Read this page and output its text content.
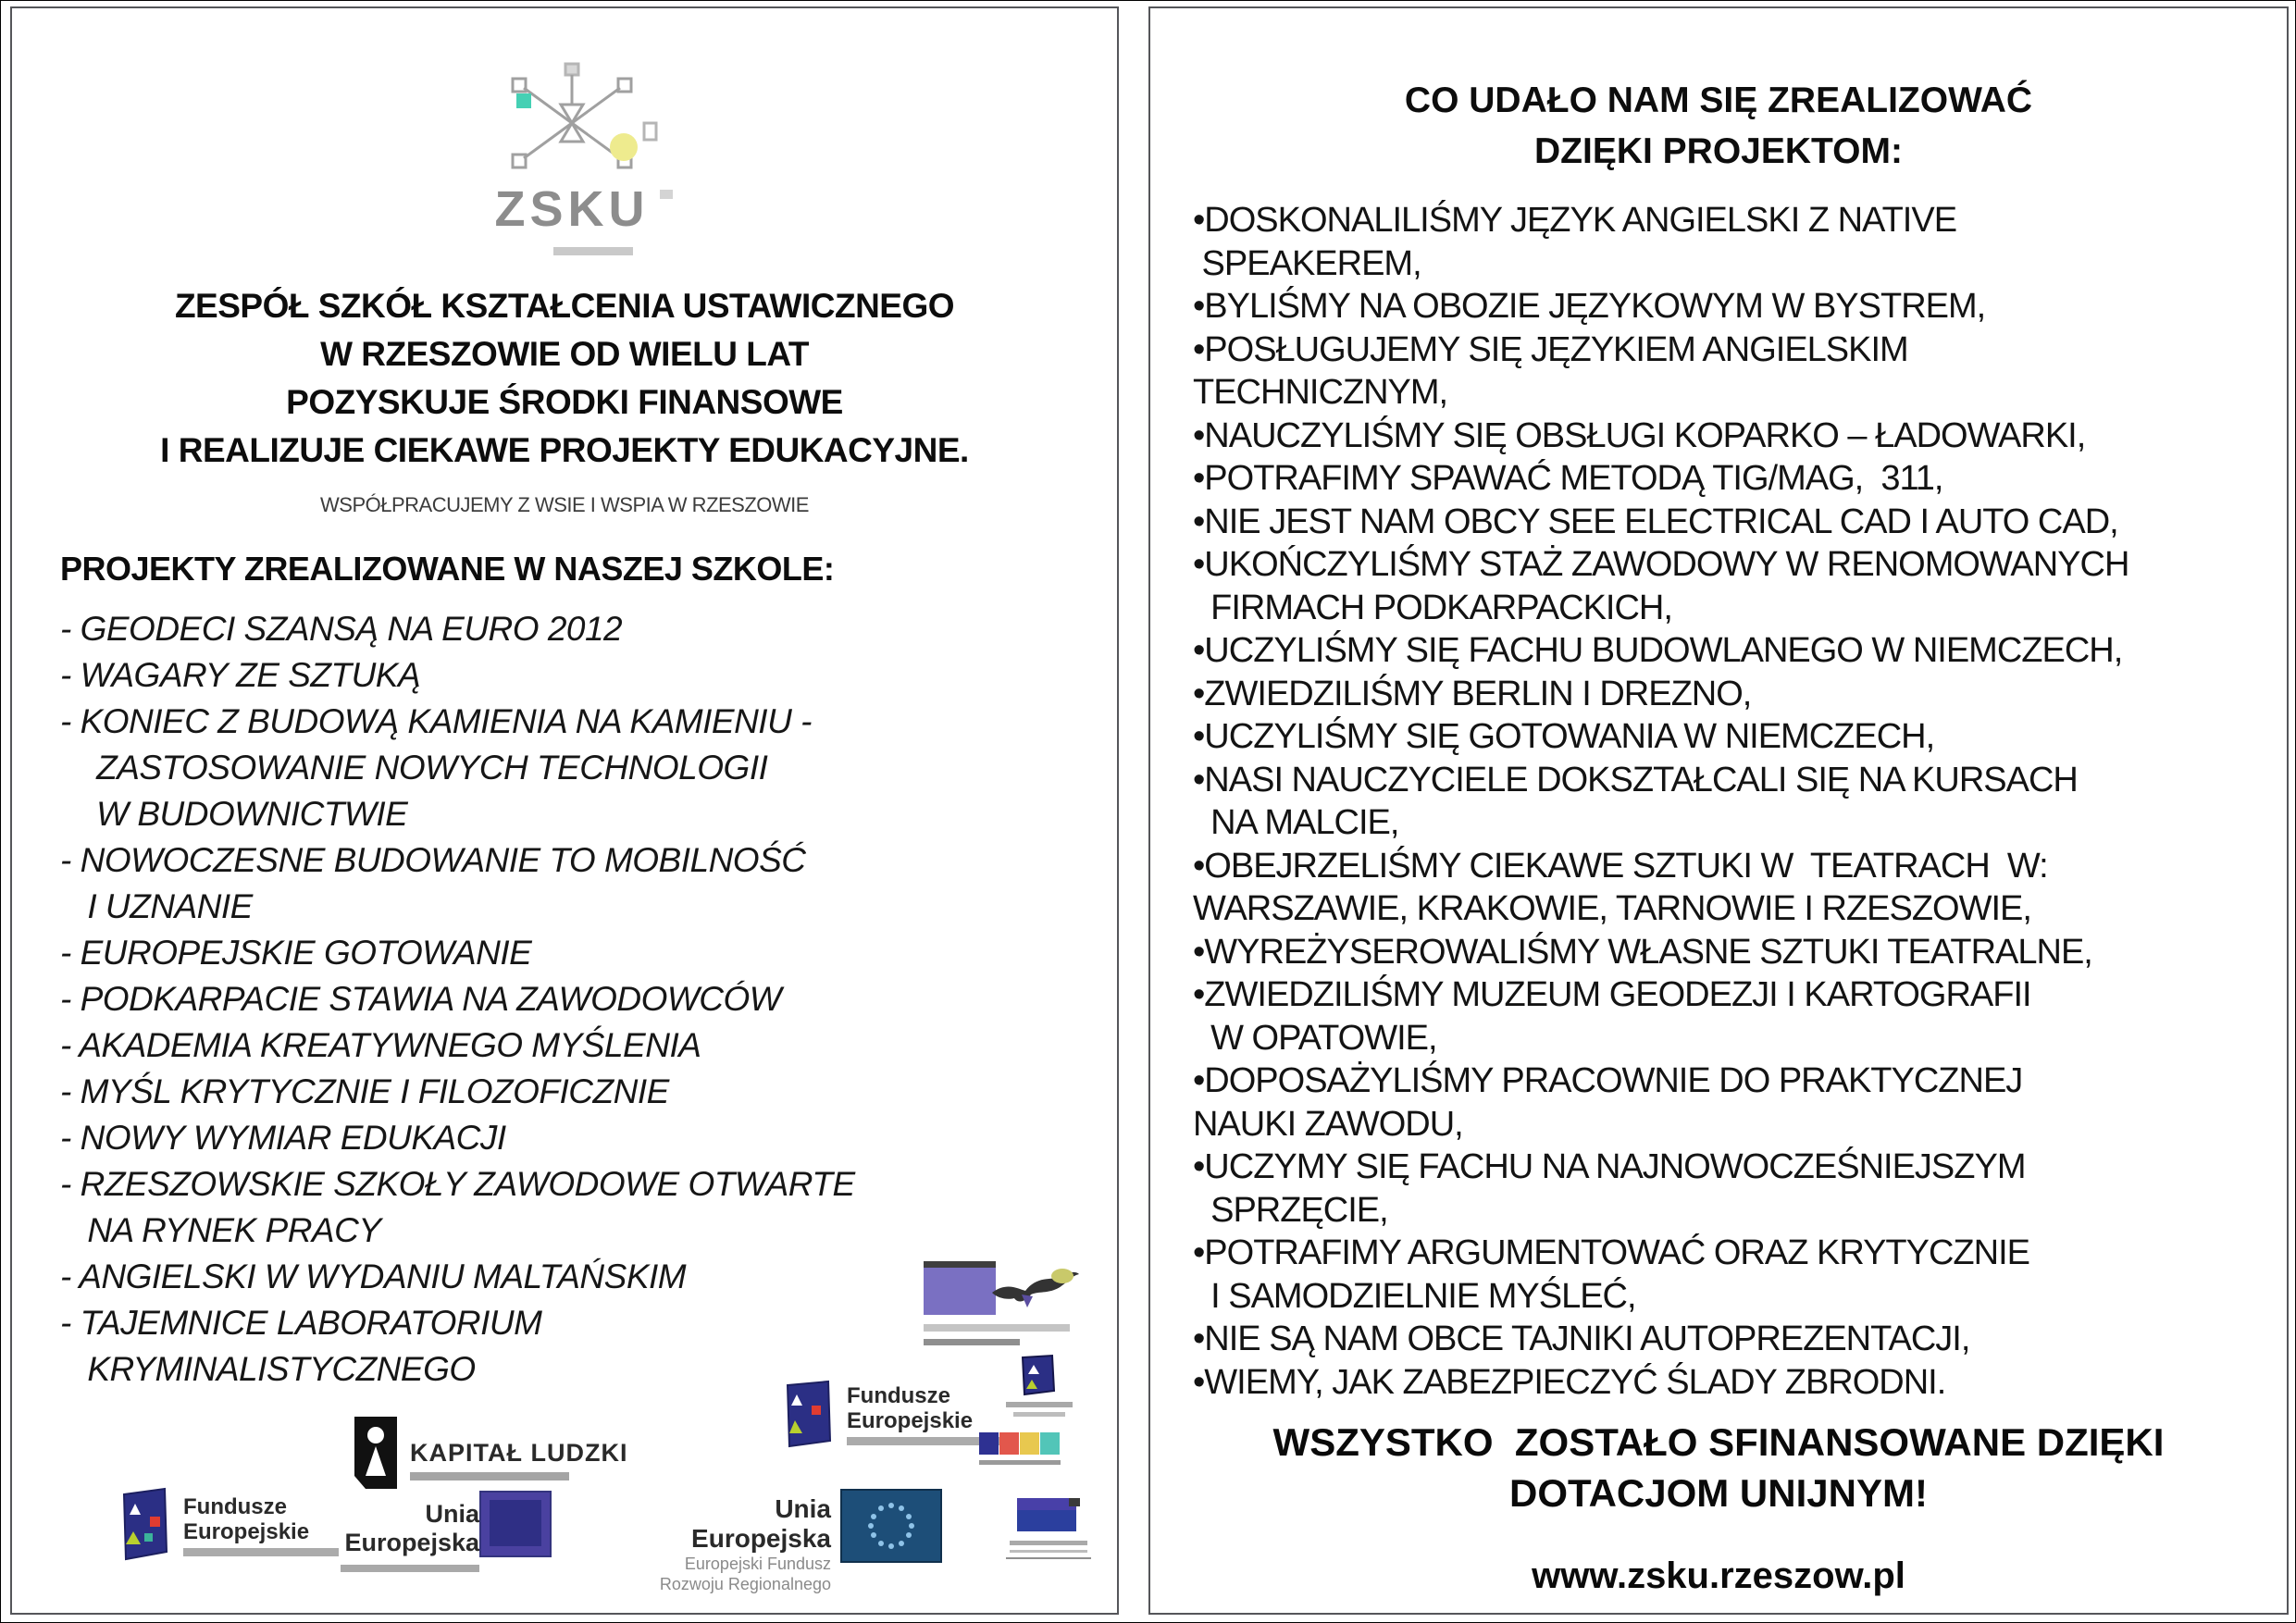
ZSKU
ZESPÓŁ SZKÓŁ KSZTAŁCENIA USTAWICZNEGO
W RZESZOWIE OD WIELU LAT
POZYSKUJE ŚRODKI FINANSOWE
I REALIZUJE CIEKAWE PROJEKTY EDUKACYJNE.
WSPÓŁPRACUJEMY Z WSIE I WSPIA W RZESZOWIE
PROJEKTY ZREALIZOWANE W NASZEJ SZKOLE:
- GEODECI SZANSĄ NA EURO 2012
- WAGARY ZE SZTUKĄ
- KONIEC Z BUDOWĄ KAMIENIA NA KAMIENIU -
ZASTOSOWANIE NOWYCH TECHNOLOGII
W BUDOWNICTWIE
- NOWOCZESNE BUDOWANIE TO MOBILNOŚĆ
I UZNANIE
- EUROPEJSKIE GOTOWANIE
- PODKARPACIE STAWIA NA ZAWODOWCÓW
- AKADEMIA KREATYWNEGO MYŚLENIA
- MYŚL KRYTYCZNIE I FILOZOFICZNIE
- NOWY WYMIAR EDUKACJI
- RZESZOWSKIE SZKOŁY ZAWODOWE OTWARTE
NA RYNEK PRACY
- ANGIELSKI W WYDANIU MALTAŃSKIM
- TAJEMNICE LABORATORIUM
KRYMINALISTYCZNEGO
Fundusze
Europejskie
KAPITAŁ LUDZKI
Fundusze
Europejskie
Unia Europejska
Unia Europejska
Europejski Fundusz
Rozwoju Regionalnego
CO UDAŁO NAM SIĘ ZREALIZOWAĆ
DZIĘKI PROJEKTOM:
•DOSKONALILIŚMY JĘZYK ANGIELSKI Z NATIVE
SPEAKEREM,
•BYLIŚMY NA OBOZIE JĘZYKOWYM W BYSTREM,
•POSŁUGUJEMY SIĘ JĘZYKIEM ANGIELSKIM
TECHNICZNYM,
•NAUCZYLIŚMY SIĘ OBSŁUGI KOPARKO – ŁADOWARKI,
•POTRAFIMY SPAWAĆ METODĄ TIG/MAG,  311,
•NIE JEST NAM OBCY SEE ELECTRICAL CAD I AUTO CAD,
•UKOŃCZYLIŚMY STAŻ ZAWODOWY W RENOMOWANYCH
FIRMACH PODKARPACKICH,
•UCZYLIŚMY SIĘ FACHU BUDOWLANEGO W NIEMCZECH,
•ZWIEDZILIŚMY BERLIN I DREZNO,
•UCZYLIŚMY SIĘ GOTOWANIA W NIEMCZECH,
•NASI NAUCZYCIELE DOKSZTAŁCALI SIĘ NA KURSACH
NA MALCIE,
•OBEJRZELIŚMY CIEKAWE SZTUKI W  TEATRACH  W:
WARSZAWIE, KRAKOWIE, TARNOWIE I RZESZOWIE,
•WYREŻYSEROWALIŚMY WŁASNE SZTUKI TEATRALNE,
•ZWIEDZILIŚMY MUZEUM GEODEZJI I KARTOGRAFII
W OPATOWIE,
•DOPOSAŻYLIŚMY PRACOWNIE DO PRAKTYCZNEJ
NAUKI ZAWODU,
•UCZYMY SIĘ FACHU NA NAJNOWOCZEŚNIEJSZYM
SPRZĘCIE,
•POTRAFIMY ARGUMENTOWAĆ ORAZ KRYTYCZNIE
I SAMODZIELNIE MYŚLEĆ,
•NIE SĄ NAM OBCE TAJNIKI AUTOPREZENTACJI,
•WIEMY, JAK ZABEZPIECZYĆ ŚLADY ZBRODNI.
WSZYSTKO  ZOSTAŁO SFINANSOWANE DZIĘKI
DOTACJOM UNIJNYM!
www.zsku.rzeszow.pl
